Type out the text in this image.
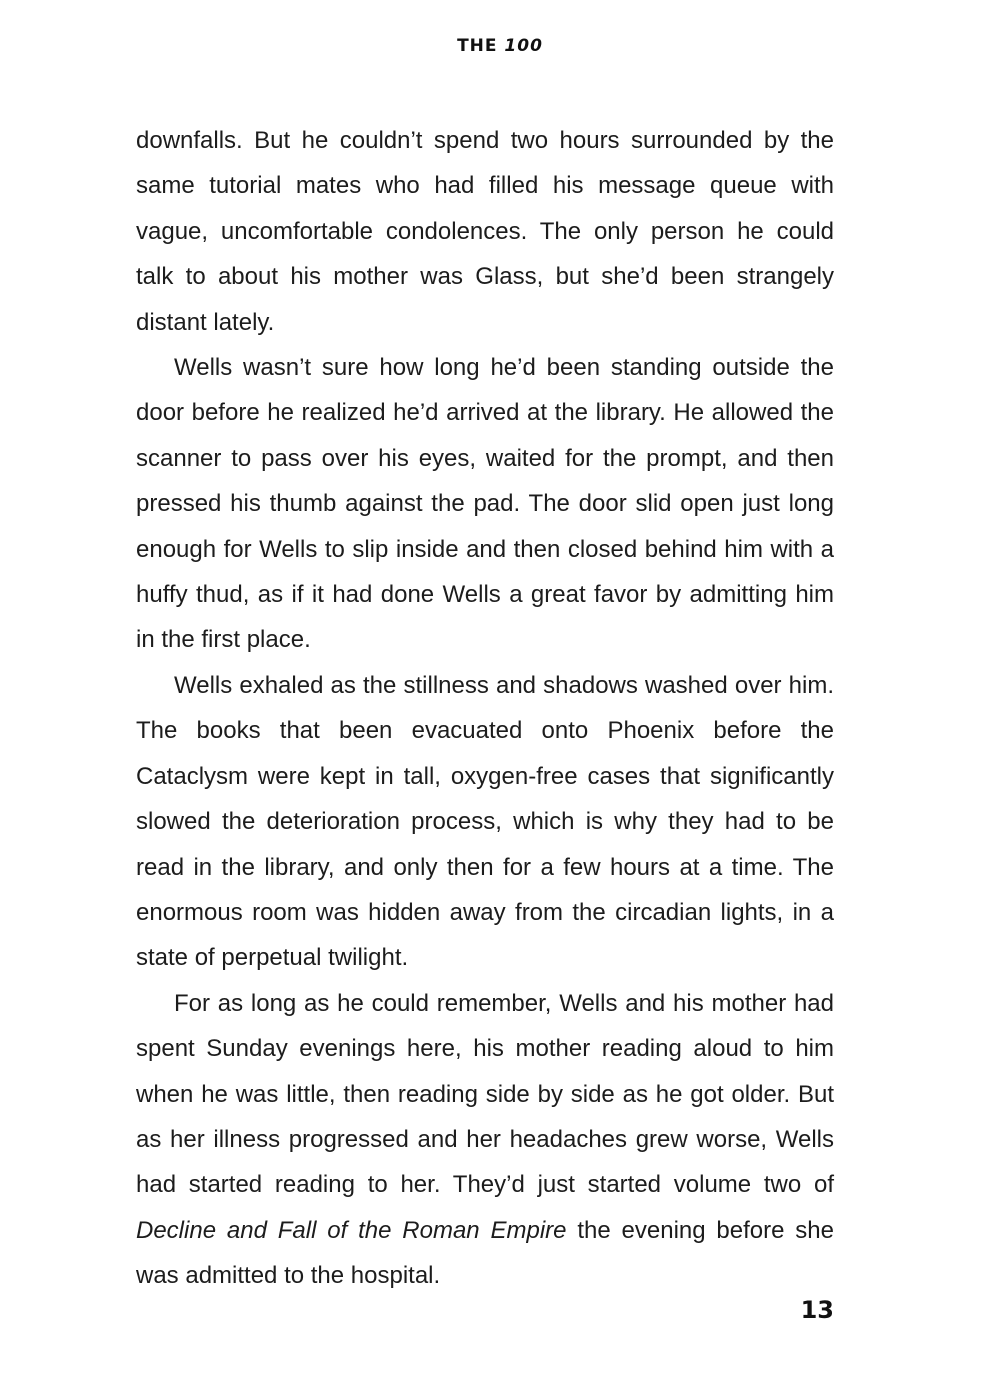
THE 100

downfalls. But he couldn’t spend two hours surrounded by the same tutorial mates who had filled his message queue with vague, uncomfortable condolences. The only person he could talk to about his mother was Glass, but she’d been strangely distant lately.

Wells wasn’t sure how long he’d been standing outside the door before he realized he’d arrived at the library. He allowed the scanner to pass over his eyes, waited for the prompt, and then pressed his thumb against the pad. The door slid open just long enough for Wells to slip inside and then closed behind him with a huffy thud, as if it had done Wells a great favor by admitting him in the first place.

Wells exhaled as the stillness and shadows washed over him. The books that been evacuated onto Phoenix before the Cataclysm were kept in tall, oxygen-free cases that significantly slowed the deterioration process, which is why they had to be read in the library, and only then for a few hours at a time. The enormous room was hidden away from the circadian lights, in a state of perpetual twilight.

For as long as he could remember, Wells and his mother had spent Sunday evenings here, his mother reading aloud to him when he was little, then reading side by side as he got older. But as her illness progressed and her headaches grew worse, Wells had started reading to her. They’d just started volume two of Decline and Fall of the Roman Empire the evening before she was admitted to the hospital.

13
